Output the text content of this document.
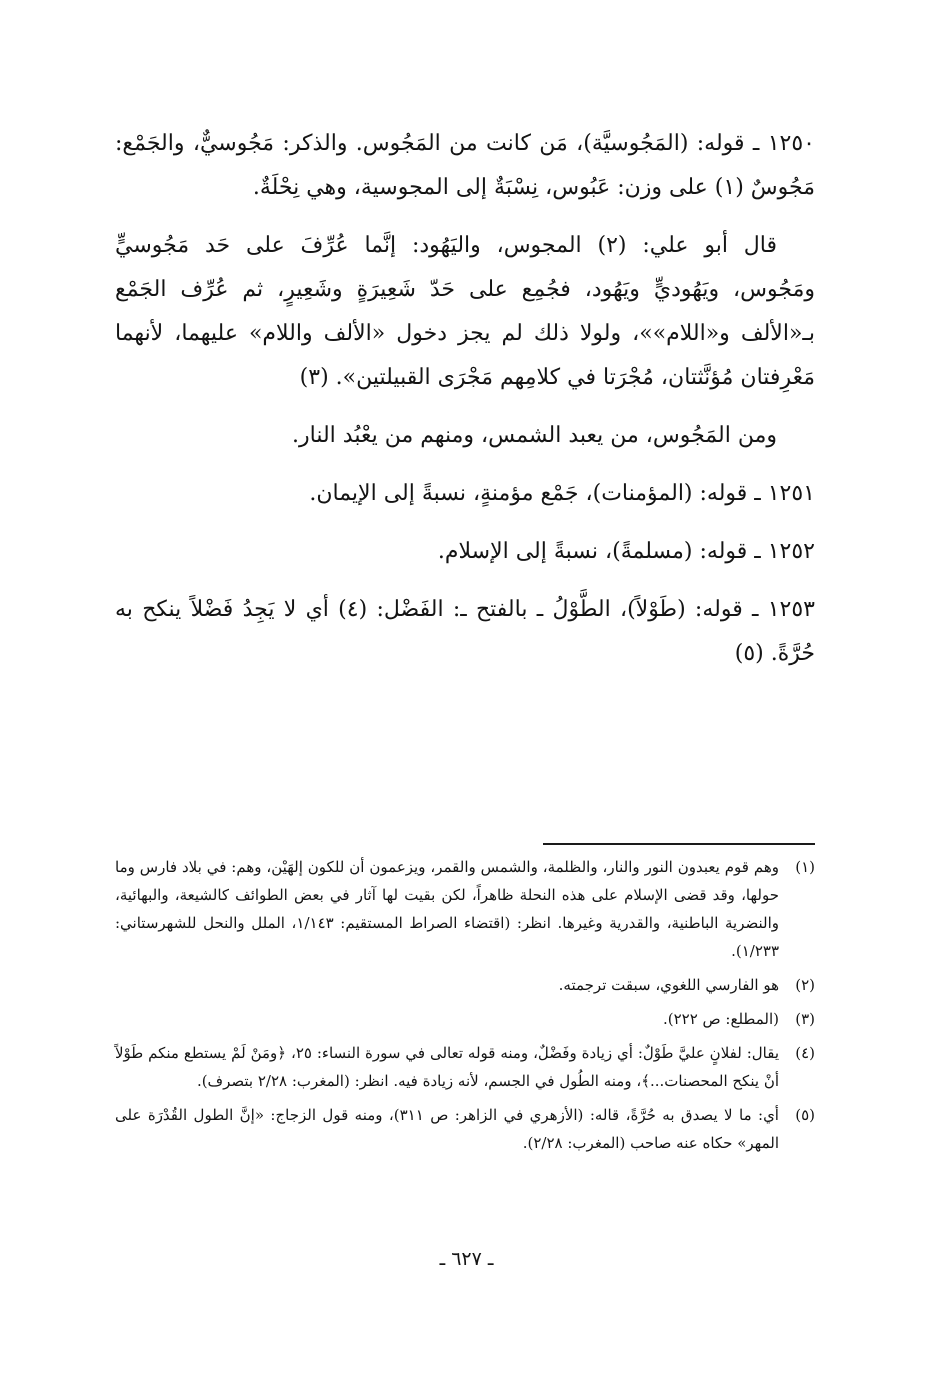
١٢٥٠ ـ قوله: (المَجُوسيَّة)، مَن كانت من المَجُوس. والذكر: مَجُوسيٌّ، والجَمْع: مَجُوسٌ (١) على وزن: عَبُوس، نِسْبَةٌ إلى المجوسية، وهي نِحْلَةٌ.

قال أبو علي: (٢) المجوس، واليَهُود: إنَّما عُرِّفَ على حَد مَجُوسيٍّ ومَجُوس، ويَهُوديٍّ ويَهُود، فجُمِع على حَدّ شَعِيرَةٍ وشَعِيرٍ، ثم عُرِّف الجَمْع بـ«الألف و«اللام»»، ولولا ذلك لم يجز دخول «الألف واللام» عليهما، لأنهما مَعْرِفتان مُؤنَّثتان، مُجْرَتا في كلامِهم مَجْرَى القبيلتين». (٣)

ومن المَجُوس، من يعبد الشمس، ومنهم من يعْبُد النار.

١٢٥١ ـ قوله: (المؤمنات)، جَمْع مؤمنةٍ، نسبةً إلى الإيمان.

١٢٥٢ ـ قوله: (مسلمةً)، نسبةً إلى الإسلام.

١٢٥٣ ـ قوله: (طَوْلاً)، الطَّوْلُ ـ بالفتح ـ: الفَضْل: (٤) أي لا يَجِدُ فَضْلاً ينكح به حُرَّةً. (٥)

(١)
وهم قوم يعبدون النور والنار، والظلمة، والشمس والقمر، ويزعمون أن للكون إلهَيْن، وهم: في بلاد فارس وما حولها، وقد قضى الإسلام على هذه النحلة ظاهراً، لكن بقيت لها آثار في بعض الطوائف كالشيعة، والبهائية، والنضرية الباطنية، والقدرية وغيرها. انظر: (اقتضاء الصراط المستقيم: ١/١٤٣، الملل والنحل للشهرستاني: ١/٢٣٣).
(٢)
هو الفارسي اللغوي، سبقت ترجمته.
(٣)
(المطلع: ص ٢٢٢).
(٤)
يقال: لفلانٍ عليَّ طَوْلٌ: أي زيادة وفَضْلٌ، ومنه قوله تعالى في سورة النساء: ٢٥، ﴿ومَنْ لَمْ يستطع منكم طَوْلاً أنْ ينكح المحصنات...﴾، ومنه الطُول في الجسم، لأنه زيادة فيه. انظر: (المغرب: ٢/٢٨ بتصرف).
(٥)
أي: ما لا يصدق به حُرَّةً، قاله: (الأزهري في الزاهر: ص ٣١١)، ومنه قول الزجاج: «إنَّ الطول القُدْرَة على المهر» حكاه عنه صاحب (المغرب: ٢/٢٨).
ـ ٦٢٧ ـ
